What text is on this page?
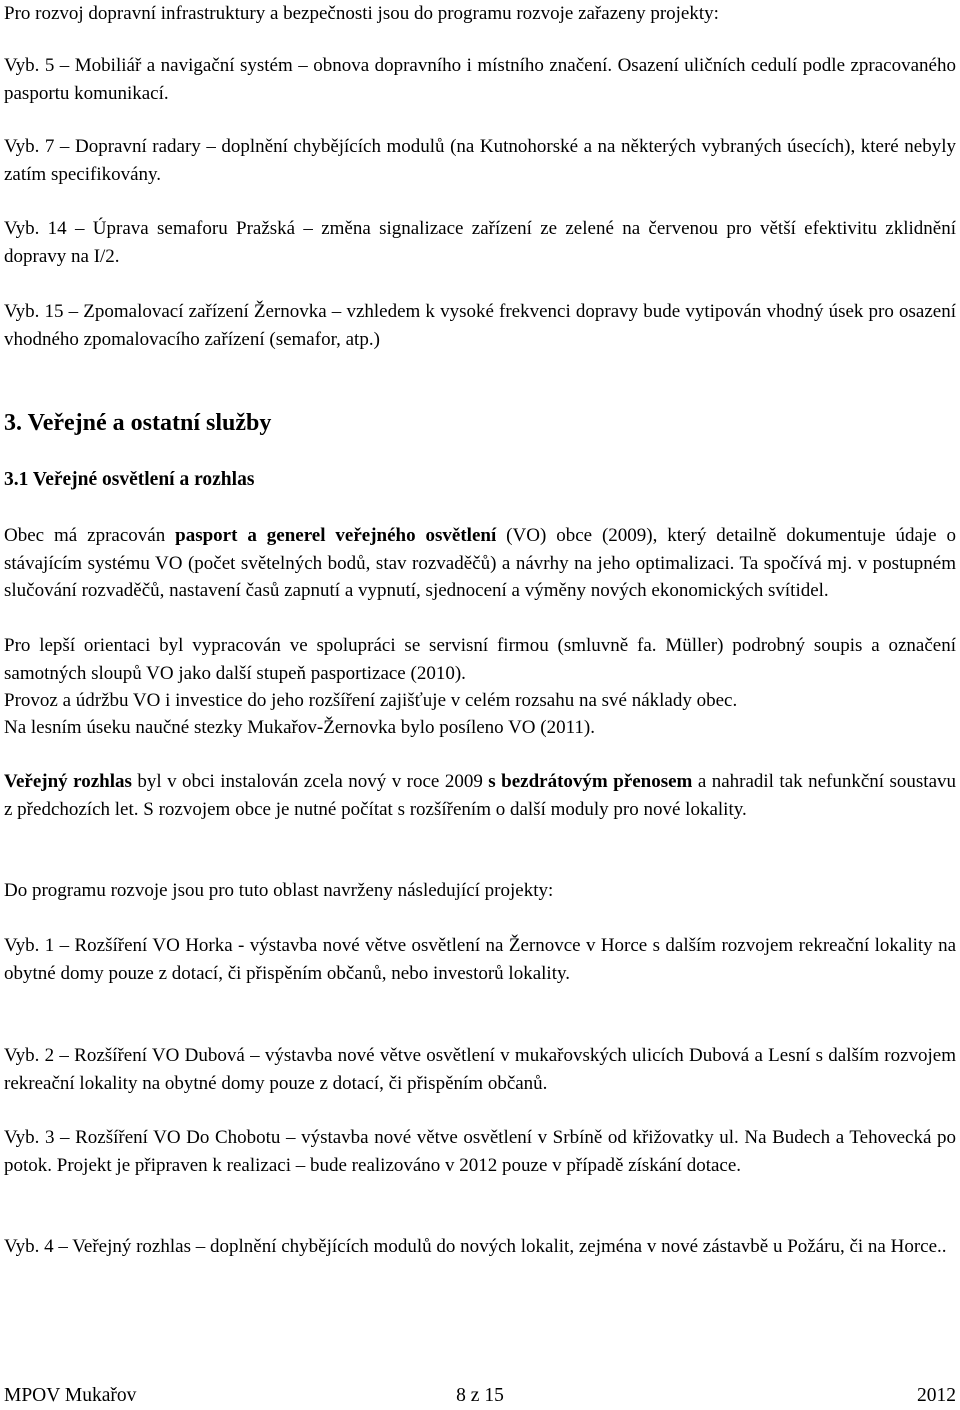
Pro rozvoj dopravní infrastruktury a bezpečnosti jsou do programu rozvoje zařazeny projekty:

Vyb. 5 – Mobiliář a navigační systém – obnova dopravního i místního značení. Osazení uličních cedulí podle zpracovaného pasportu komunikací.

Vyb. 7 – Dopravní radary – doplnění chybějících modulů (na Kutnohorské a na některých vybraných úsecích), které nebyly zatím specifikovány.

Vyb. 14 – Úprava semaforu Pražská – změna signalizace zařízení ze zelené na červenou pro větší efektivitu zklidnění dopravy na I/2.

Vyb. 15 – Zpomalovací zařízení Žernovka – vzhledem k vysoké frekvenci dopravy bude vytipován vhodný úsek pro osazení vhodného zpomalovacího zařízení (semafor, atp.)

3. Veřejné a ostatní služby
3.1 Veřejné osvětlení a rozhlas

Obec má zpracován pasport a generel veřejného osvětlení (VO) obce (2009), který detailně dokumentuje údaje o stávajícím systému VO (počet světelných bodů, stav rozvaděčů) a návrhy na jeho optimalizaci. Ta spočívá mj. v postupném slučování rozvaděčů, nastavení časů zapnutí a vypnutí, sjednocení a výměny nových ekonomických svítidel.

Pro lepší orientaci byl vypracován ve spolupráci se servisní firmou (smluvně fa. Müller) podrobný soupis a označení samotných sloupů VO jako další stupeň pasportizace (2010).

Provoz a údržbu VO i investice do jeho rozšíření zajišťuje v celém rozsahu na své náklady obec.

Na lesním úseku naučné stezky Mukařov-Žernovka bylo posíleno VO (2011).

Veřejný rozhlas byl v obci instalován zcela nový v roce 2009 s bezdrátovým přenosem a nahradil tak nefunkční soustavu z předchozích let. S rozvojem obce je nutné počítat s rozšířením o další moduly pro nové lokality.

Do programu rozvoje jsou pro tuto oblast navrženy následující projekty:

Vyb. 1 – Rozšíření VO Horka - výstavba nové větve osvětlení na Žernovce v Horce s dalším rozvojem rekreační lokality na obytné domy pouze z dotací, či přispěním občanů, nebo investorů lokality.

Vyb. 2 – Rozšíření VO Dubová – výstavba nové větve osvětlení v mukařovských ulicích Dubová a Lesní s dalším rozvojem rekreační lokality na obytné domy pouze z dotací, či přispěním občanů.

Vyb. 3 – Rozšíření VO Do Chobotu – výstavba nové větve osvětlení v Srbíně od křižovatky ul. Na Budech a Tehovecká po potok. Projekt je připraven k realizaci – bude realizováno v 2012 pouze v případě získání dotace.

Vyb. 4 – Veřejný rozhlas – doplnění chybějících modulů do nových lokalit, zejména v nové zástavbě u Požáru, či na Horce..

MPOV Mukařov	8 z 15	2012
